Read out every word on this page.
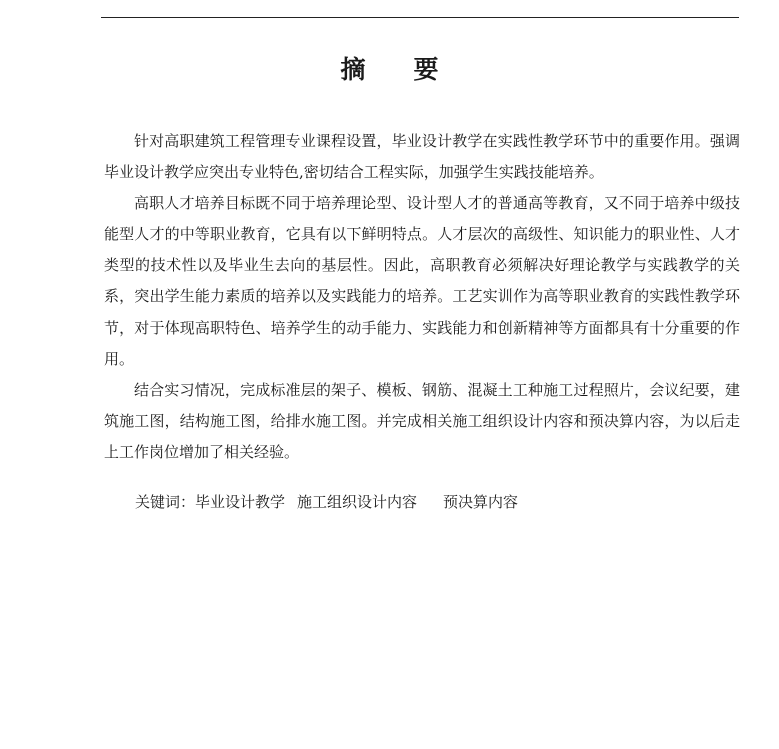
摘 要

针对高职建筑工程管理专业课程设置，毕业设计教学在实践性教学环节中的重要作用。强调毕业设计教学应突出专业特色,密切结合工程实际，加强学生实践技能培养。

高职人才培养目标既不同于培养理论型、设计型人才的普通高等教育，又不同于培养中级技能型人才的中等职业教育，它具有以下鲜明特点。人才层次的高级性、知识能力的职业性、人才类型的技术性以及毕业生去向的基层性。因此，高职教育必须解决好理论教学与实践教学的关系，突出学生能力素质的培养以及实践能力的培养。工艺实训作为高等职业教育的实践性教学环节，对于体现高职特色、培养学生的动手能力、实践能力和创新精神等方面都具有十分重要的作用。

结合实习情况，完成标准层的架子、模板、钢筋、混凝土工种施工过程照片，会议纪要，建筑施工图，结构施工图，给排水施工图。并完成相关施工组织设计内容和预决算内容，为以后走上工作岗位增加了相关经验。

关键词：毕业设计教学 施工组织设计内容 预决算内容
